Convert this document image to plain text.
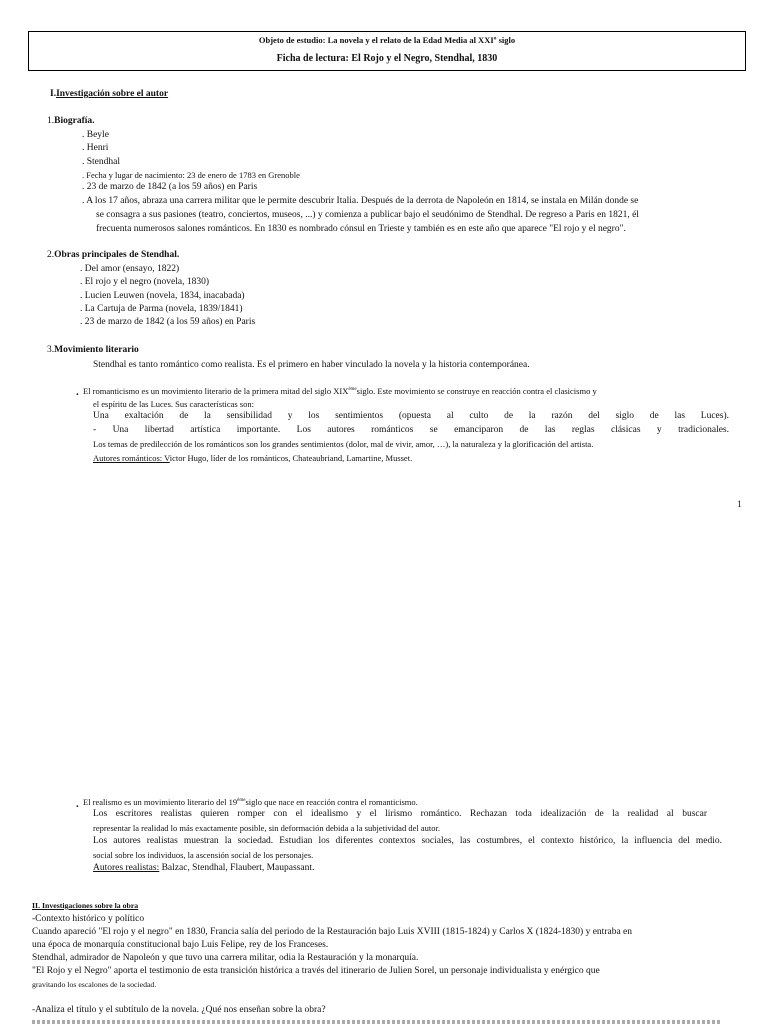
Objeto de estudio: La novela y el relato de la Edad Media al XXIº siglo
Ficha de lectura: El Rojo y el Negro, Stendhal, 1830
I.Investigación sobre el autor
1.Biografía.
. Beyle
. Henri
. Stendhal
. Fecha y lugar de nacimiento: 23 de enero de 1783 en Grenoble
. 23 de marzo de 1842 (a los 59 años) en Paris
. A los 17 años, abraza una carrera militar que le permite descubrir Italia. Después de la derrota de Napoleón en 1814, se instala en Milán donde se
se consagra a sus pasiones (teatro, conciertos, museos, ...) y comienza a publicar bajo el seudónimo de Stendhal. De regreso a Paris en 1821, él
frecuenta numerosos salones románticos. En 1830 es nombrado cónsul en Trieste y también es en este año que aparece "El rojo y el negro".
2.Obras principales de Stendhal.
. Del amor (ensayo, 1822)
. El rojo y el negro (novela, 1830)
. Lucien Leuwen (novela, 1834, inacabada)
. La Cartuja de Parma (novela, 1839/1841)
. 23 de marzo de 1842 (a los 59 años) en Paris
3.Movimiento literario
Stendhal es tanto romántico como realista. Es el primero en haber vinculado la novela y la historia contemporánea.
. El romanticismo es un movimiento literario de la primera mitad del siglo XIXèmesiglo. Este movimiento se construye en reacción contra el clasicismo y
el espíritu de las Luces. Sus características son:
Una exaltación de la sensibilidad y los sentimientos (opuesta al culto de la razón del siglo de las Luces).
- Una libertad artística importante. Los autores románticos se emanciparon de las reglas clásicas y tradicionales.
Los temas de predilección de los románticos son los grandes sentimientos (dolor, mal de vivir, amor, …), la naturaleza y la glorificación del artista.
Autores románticos: Victor Hugo, líder de los románticos, Chateaubriand, Lamartine, Musset.
1
. El realismo es un movimiento literario del 19èmesiglo que nace en reacción contra el romanticismo.
Los escritores realistas quieren romper con el idealismo y el lirismo romántico. Rechazan toda idealización de la realidad al buscar
representar la realidad lo más exactamente posible, sin deformación debida a la subjetividad del autor.
Los autores realistas muestran la sociedad. Estudian los diferentes contextos sociales, las costumbres, el contexto histórico, la influencia del medio.
social sobre los individuos, la ascensión social de los personajes.
Autores realistas: Balzac, Stendhal, Flaubert, Maupassant.
II. Investigaciones sobre la obra
-Contexto histórico y político
Cuando apareció "El rojo y el negro" en 1830, Francia salía del periodo de la Restauración bajo Luis XVIII (1815-1824) y Carlos X (1824-1830) y entraba en
una época de monarquía constitucional bajo Luis Felipe, rey de los Franceses.
Stendhal, admirador de Napoleón y que tuvo una carrera militar, odia la Restauración y la monarquía.
"El Rojo y el Negro" aporta el testimonio de esta transición histórica a través del itinerario de Julien Sorel, un personaje individualista y enérgico que
gravitando los escalones de la sociedad.
-Analiza el título y el subtítulo de la novela. ¿Qué nos enseñan sobre la obra?
